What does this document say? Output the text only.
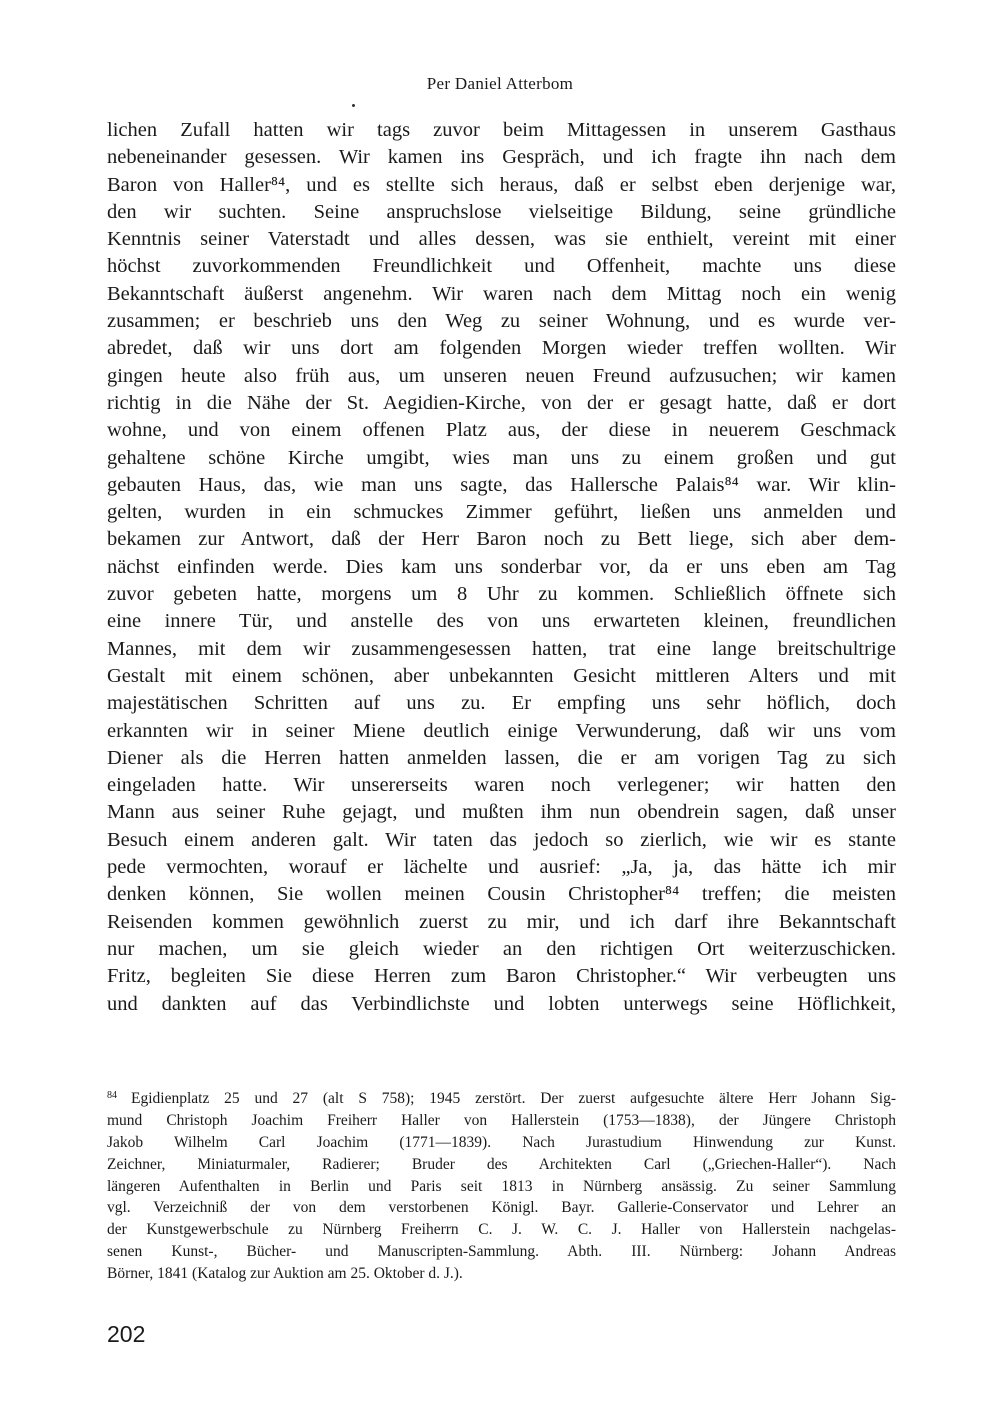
Per Daniel Atterbom
lichen Zufall hatten wir tags zuvor beim Mittagessen in unserem Gasthaus
nebeneinander gesessen. Wir kamen ins Gespräch, und ich fragte ihn nach dem
Baron von Haller⁸⁴, und es stellte sich heraus, daß er selbst eben derjenige war,
den wir suchten. Seine anspruchslose vielseitige Bildung, seine gründliche
Kenntnis seiner Vaterstadt und alles dessen, was sie enthielt, vereint mit einer
höchst zuvorkommenden Freundlichkeit und Offenheit, machte uns diese
Bekanntschaft äußerst angenehm. Wir waren nach dem Mittag noch ein wenig
zusammen; er beschrieb uns den Weg zu seiner Wohnung, und es wurde ver-
abredet, daß wir uns dort am folgenden Morgen wieder treffen wollten. Wir
gingen heute also früh aus, um unseren neuen Freund aufzusuchen; wir kamen
richtig in die Nähe der St. Aegidien-Kirche, von der er gesagt hatte, daß er dort
wohne, und von einem offenen Platz aus, der diese in neuerem Geschmack
gehaltene schöne Kirche umgibt, wies man uns zu einem großen und gut
gebauten Haus, das, wie man uns sagte, das Hallersche Palais⁸⁴ war. Wir klin-
gelten, wurden in ein schmuckes Zimmer geführt, ließen uns anmelden und
bekamen zur Antwort, daß der Herr Baron noch zu Bett liege, sich aber dem-
nächst einfinden werde. Dies kam uns sonderbar vor, da er uns eben am Tag
zuvor gebeten hatte, morgens um 8 Uhr zu kommen. Schließlich öffnete sich
eine innere Tür, und anstelle des von uns erwarteten kleinen, freundlichen
Mannes, mit dem wir zusammengesessen hatten, trat eine lange breitschultrige
Gestalt mit einem schönen, aber unbekannten Gesicht mittleren Alters und mit
majestätischen Schritten auf uns zu. Er empfing uns sehr höflich, doch
erkannten wir in seiner Miene deutlich einige Verwunderung, daß wir uns vom
Diener als die Herren hatten anmelden lassen, die er am vorigen Tag zu sich
eingeladen hatte. Wir unsererseits waren noch verlegener; wir hatten den
Mann aus seiner Ruhe gejagt, und mußten ihm nun obendrein sagen, daß unser
Besuch einem anderen galt. Wir taten das jedoch so zierlich, wie wir es stante
pede vermochten, worauf er lächelte und ausrief: „Ja, ja, das hätte ich mir
denken können, Sie wollen meinen Cousin Christopher⁸⁴ treffen; die meisten
Reisenden kommen gewöhnlich zuerst zu mir, und ich darf ihre Bekanntschaft
nur machen, um sie gleich wieder an den richtigen Ort weiterzuschicken.
Fritz, begleiten Sie diese Herren zum Baron Christopher.“ Wir verbeugten uns
und dankten auf das Verbindlichste und lobten unterwegs seine Höflichkeit,
84 Egidienplatz 25 und 27 (alt S 758); 1945 zerstört. Der zuerst aufgesuchte ältere Herr Johann Sig-
mund Christoph Joachim Freiherr Haller von Hallerstein (1753—1838), der Jüngere Christoph
Jakob Wilhelm Carl Joachim (1771—1839). Nach Jurastudium Hinwendung zur Kunst.
Zeichner, Miniaturmaler, Radierer; Bruder des Architekten Carl („Griechen-Haller“). Nach
längeren Aufenthalten in Berlin und Paris seit 1813 in Nürnberg ansässig. Zu seiner Sammlung
vgl. Verzeichniß der von dem verstorbenen Königl. Bayr. Gallerie-Conservator und Lehrer an
der Kunstgewerbschule zu Nürnberg Freiherrn C. J. W. C. J. Haller von Hallerstein nachgelas-
senen Kunst-, Bücher- und Manuscripten-Sammlung. Abth. III. Nürnberg: Johann Andreas
Börner, 1841 (Katalog zur Auktion am 25. Oktober d. J.).
202
